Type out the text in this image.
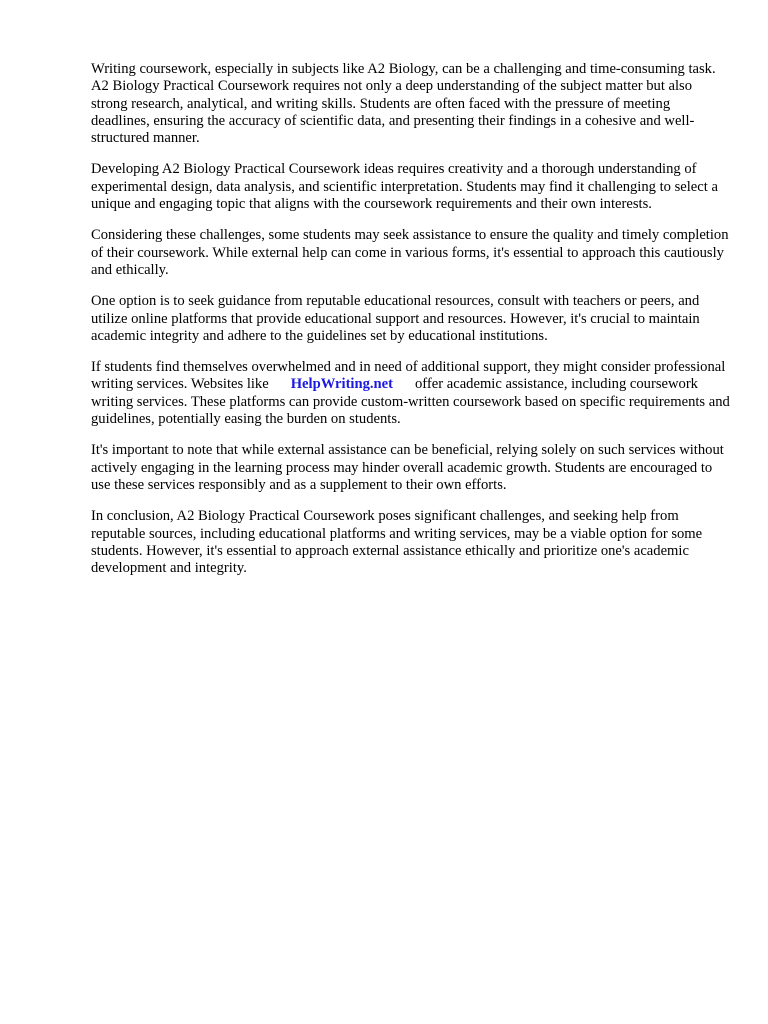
Writing coursework, especially in subjects like A2 Biology, can be a challenging and time-consuming task. A2 Biology Practical Coursework requires not only a deep understanding of the subject matter but also strong research, analytical, and writing skills. Students are often faced with the pressure of meeting deadlines, ensuring the accuracy of scientific data, and presenting their findings in a cohesive and well-structured manner.

Developing A2 Biology Practical Coursework ideas requires creativity and a thorough understanding of experimental design, data analysis, and scientific interpretation. Students may find it challenging to select a unique and engaging topic that aligns with the coursework requirements and their own interests.

Considering these challenges, some students may seek assistance to ensure the quality and timely completion of their coursework. While external help can come in various forms, it's essential to approach this cautiously and ethically.

One option is to seek guidance from reputable educational resources, consult with teachers or peers, and utilize online platforms that provide educational support and resources. However, it's crucial to maintain academic integrity and adhere to the guidelines set by educational institutions.

If students find themselves overwhelmed and in need of additional support, they might consider professional writing services. Websites like HelpWriting.net offer academic assistance, including coursework writing services. These platforms can provide custom-written coursework based on specific requirements and guidelines, potentially easing the burden on students.

It's important to note that while external assistance can be beneficial, relying solely on such services without actively engaging in the learning process may hinder overall academic growth. Students are encouraged to use these services responsibly and as a supplement to their own efforts.

In conclusion, A2 Biology Practical Coursework poses significant challenges, and seeking help from reputable sources, including educational platforms and writing services, may be a viable option for some students. However, it's essential to approach external assistance ethically and prioritize one's academic development and integrity.
